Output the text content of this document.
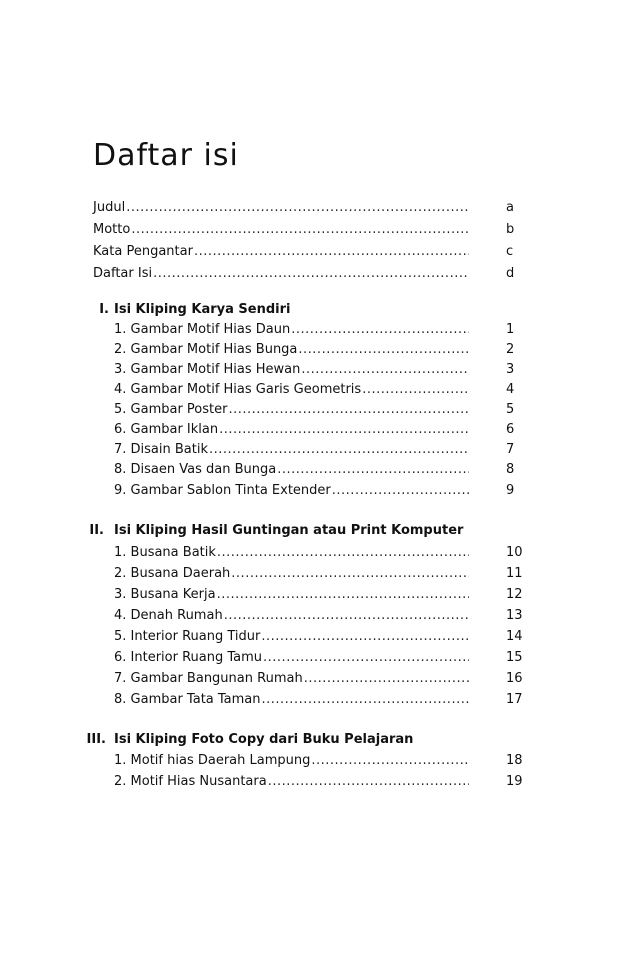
Daftar isi
Judul .....	a
Motto .....	b
Kata Pengantar .....	c
Daftar Isi .....	d
I. Isi Kliping Karya Sendiri
1. Gambar Motif Hias Daun .....	1
2. Gambar Motif Hias Bunga .....	2
3. Gambar Motif Hias Hewan .....	3
4. Gambar Motif Hias Garis Geometris .....	4
5. Gambar Poster .....	5
6. Gambar Iklan .....	6
7. Disain Batik .....	7
8. Disaen Vas dan Bunga .....	8
9. Gambar Sablon Tinta Extender .....	9
II. Isi Kliping Hasil Guntingan atau Print Komputer
1. Busana Batik .....	10
2. Busana Daerah .....	11
3. Busana Kerja .....	12
4. Denah Rumah .....	13
5. Interior Ruang Tidur .....	14
6. Interior Ruang Tamu .....	15
7. Gambar Bangunan Rumah .....	16
8. Gambar Tata Taman .....	17
III. Isi Kliping Foto Copy dari Buku Pelajaran
1. Motif hias Daerah Lampung .....	18
2. Motif Hias Nusantara .....	19
